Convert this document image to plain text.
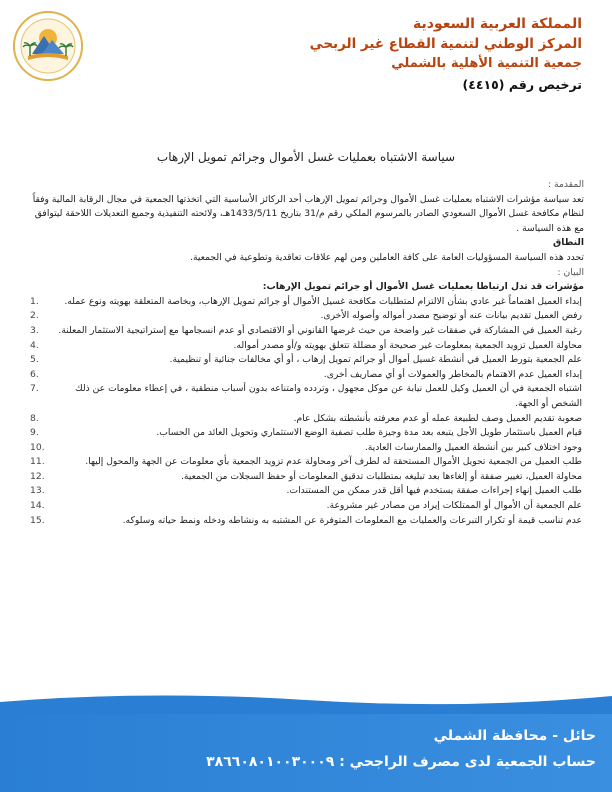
المملكة العربية السعودية
المركز الوطني لتنمية القطاع غير الربحي
جمعية التنمية الأهلية بالشملي
ترخيص رقم (٤٤١٥)
سياسة الاشتباه بعمليات غسل الأموال وجرائم تمويل الإرهاب

المقدمة :

تعد سياسة مؤشرات الاشتباه بعمليات غسل الأموال وجرائم تمويل الإرهاب أحد الركائز الأساسية التي اتخذتها الجمعية في مجال الرقابة المالية وفقاً لنظام مكافحة غسل الأموال السعودي الصادر بالمرسوم الملكي رقم م/31 بتاريخ 1433/5/11هـ، ولائحته التنفيذية وجميع التعديلات اللاحقة ليتوافق مع هذه السياسة .

النطاق

تحدد هذه السياسة المسؤوليات العامة على كافة العاملين ومن لهم علاقات تعاقدية وتطوعية في الجمعية.

البيان :

مؤشرات قد تدل ارتباطا بعمليات غسل الأموال أو جرائم تمويل الإرهاب:

إبداء العميل اهتماماً غير عادي بشأن الالتزام لمتطلبات مكافحة غسيل الأموال أو جرائم تمويل الإرهاب، وبخاصة المتعلقة بهويته ونوع عمله.
1.
رفض العميل تقديم بيانات عنه أو توضيح مصدر أمواله وأصوله الأخرى.
2.
رغبة العميل في المشاركة في صفقات غير واضحة من حيث غرضها القانوني أو الاقتصادي أو عدم انسجامها مع إستراتيجية الاستثمار المعلنة.
3.
محاولة العميل تزويد الجمعية بمعلومات غير صحيحة أو مضللة تتعلق بهويته و/أو مصدر أمواله.
4.
علم الجمعية بتورط العميل في أنشطة غسيل أموال أو جرائم تمويل إرهاب ، أو أي مخالفات جنائية أو تنظيمية.
5.
إبداء العميل عدم الاهتمام بالمخاطر والعمولات أو أي مصاريف أخرى.
6.
اشتباه الجمعية في أن العميل وكيل للعمل نيابة عن موكل مجهول ، وتردده وامتناعه بدون أسباب منطقية ، في إعطاء معلومات عن ذلك الشخص أو الجهة.
7.
صعوبة تقديم العميل وصف لطبيعة عمله أو عدم معرفته بأنشطته بشكل عام.
8.
قيام العميل باستثمار طويل الأجل يتبعه بعد مدة وجيزة طلب تصفية الوضع الاستثماري وتحويل العائد من الحساب.
9.
وجود اختلاف كبير بين أنشطة العميل والممارسات العادية.
10.
طلب العميل من الجمعية تحويل الأموال المستحقة له لطرف آخر ومحاولة عدم تزويد الجمعية بأي معلومات عن الجهة والمحول إليها.
11.
محاولة العميل، تغيير صفقة أو إلغاءها بعد تبليغه بمتطلبات تدقيق المعلومات أو حفظ السجلات من الجمعية.
12.
طلب العميل إنهاء إجراءات صفقة يستخدم فيها أقل قدر ممكن من المستندات.
13.
علم الجمعية أن الأموال أو الممتلكات إيراد من مصادر غير مشروعة.
14.
عدم تناسب قيمة أو تكرار التبرعات والعمليات مع المعلومات المتوفرة عن المشتبه به ونشاطه ودخله ونمط حياته وسلوكه.
15.
حائل - محافظة الشملي
حساب الجمعية لدى مصرف الراجحي : ٣٨٦٦٠٨٠١٠٠٣٠٠٠٩
